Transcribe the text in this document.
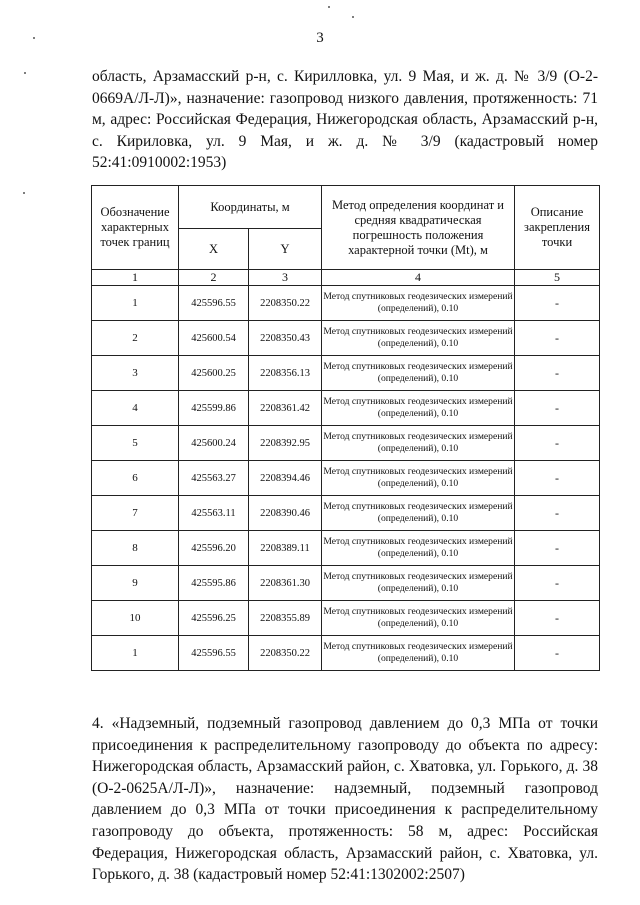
3

область, Арзамасский р-н, с. Кирилловка, ул. 9 Мая, и ж. д. № 3/9 (О-2-0669А/Л-Л)», назначение: газопровод низкого давления, протяженность: 71 м, адрес: Российская Федерация, Нижегородская область, Арзамасский р-н, с. Кириловка, ул. 9 Мая, и ж. д. № 3/9 (кадастровый номер 52:41:0910002:1953)

Обозначение характерных точек границ	Координаты, м		Метод определения координат и средняя квадратическая погрешность положения характерной точки (Mt), м	Описание закрепления точки
	X	Y		
1	2	3	4	5
1	425596.55	2208350.22	Метод спутниковых геодезических измерений (определений), 0.10	-
2	425600.54	2208350.43	Метод спутниковых геодезических измерений (определений), 0.10	-
3	425600.25	2208356.13	Метод спутниковых геодезических измерений (определений), 0.10	-
4	425599.86	2208361.42	Метод спутниковых геодезических измерений (определений), 0.10	-
5	425600.24	2208392.95	Метод спутниковых геодезических измерений (определений), 0.10	-
6	425563.27	2208394.46	Метод спутниковых геодезических измерений (определений), 0.10	-
7	425563.11	2208390.46	Метод спутниковых геодезических измерений (определений), 0.10	-
8	425596.20	2208389.11	Метод спутниковых геодезических измерений (определений), 0.10	-
9	425595.86	2208361.30	Метод спутниковых геодезических измерений (определений), 0.10	-
10	425596.25	2208355.89	Метод спутниковых геодезических измерений (определений), 0.10	-
1	425596.55	2208350.22	Метод спутниковых геодезических измерений (определений), 0.10	-

4. «Надземный, подземный газопровод давлением до 0,3 МПа от точки присоединения к распределительному газопроводу до объекта по адресу: Нижегородская область, Арзамасский район, с. Хватовка, ул. Горького, д. 38 (О-2-0625А/Л-Л)», назначение: надземный, подземный газопровод давлением до 0,3 МПа от точки присоединения к распределительному газопроводу до объекта, протяженность: 58 м, адрес: Российская Федерация, Нижегородская область, Арзамасский район, с. Хватовка, ул. Горького, д. 38 (кадастровый номер 52:41:1302002:2507)
